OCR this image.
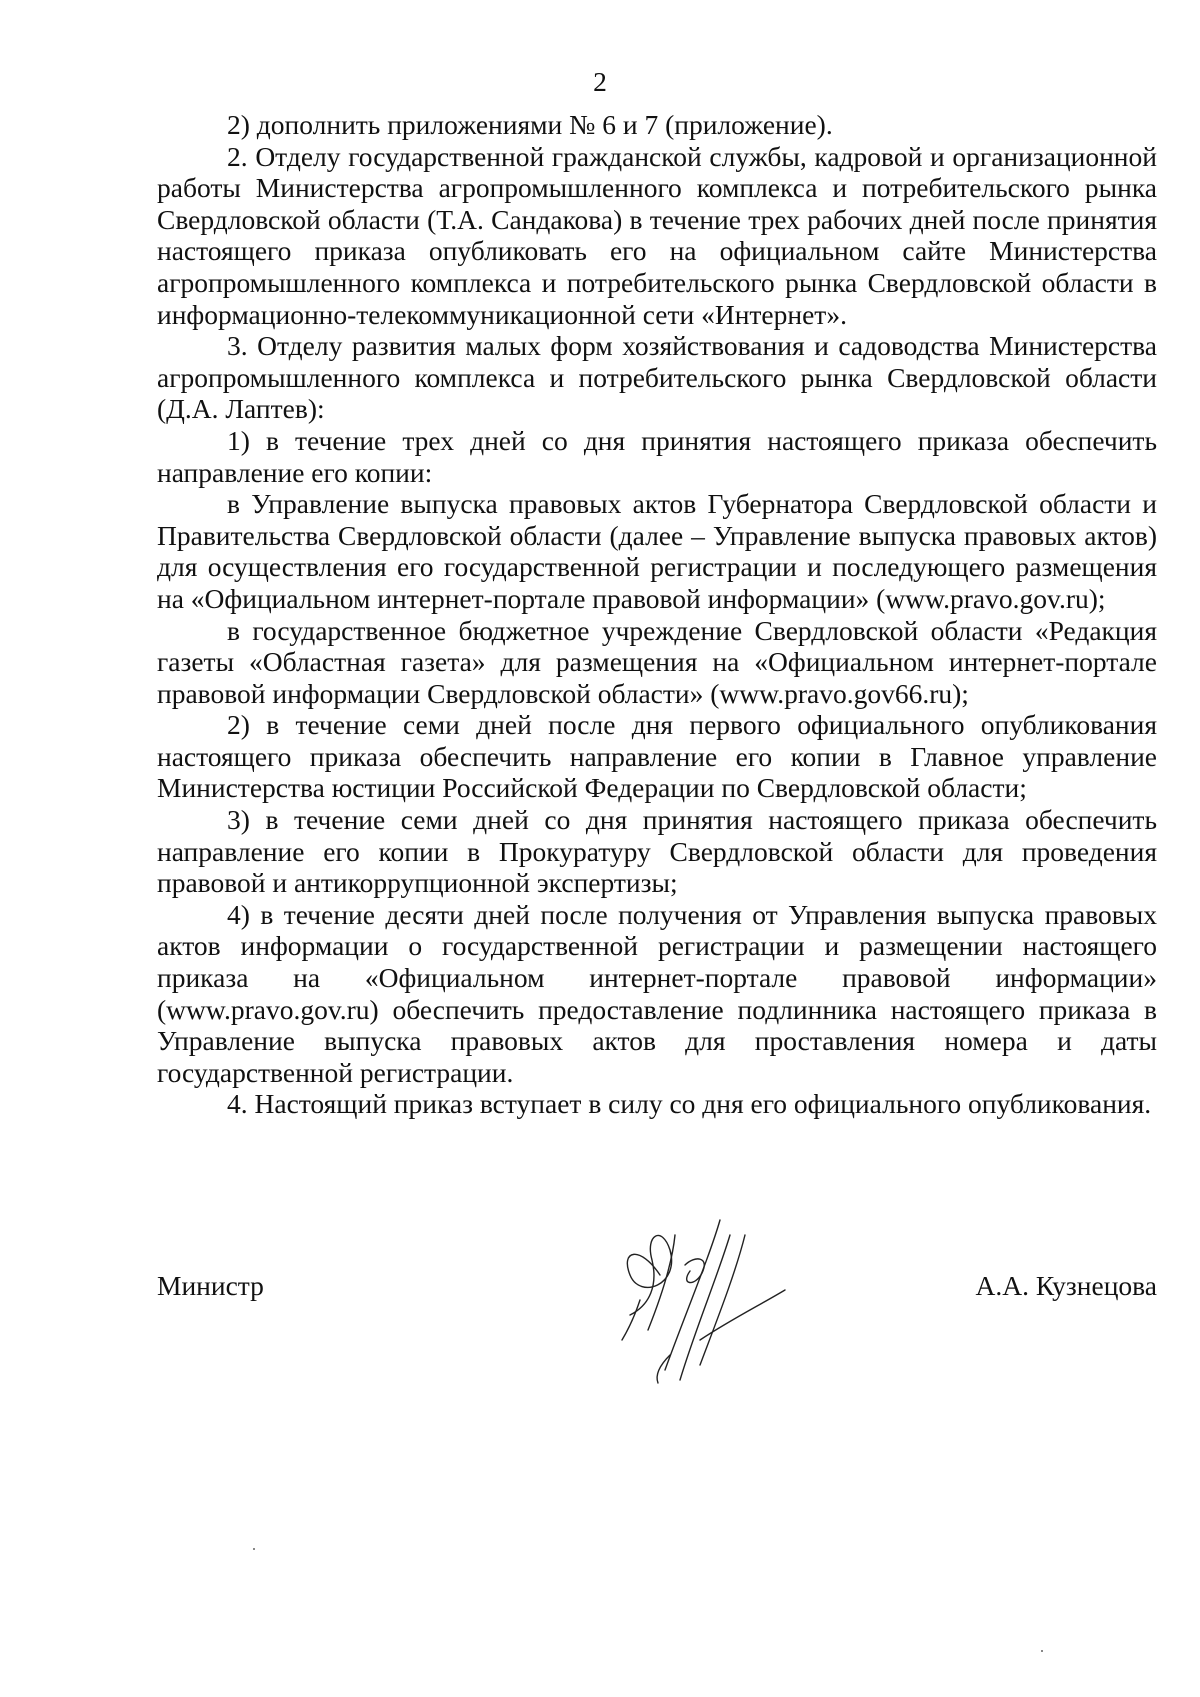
2

2) дополнить приложениями № 6 и 7 (приложение).

2. Отделу государственной гражданской службы, кадровой и организационной работы Министерства агропромышленного комплекса и потребительского рынка Свердловской области (Т.А. Сандакова) в течение трех рабочих дней после принятия настоящего приказа опубликовать его на официальном сайте Министерства агропромышленного комплекса и потребительского рынка Свердловской области в информационно-телекоммуникационной сети «Интернет».

3. Отделу развития малых форм хозяйствования и садоводства Министерства агропромышленного комплекса и потребительского рынка Свердловской области (Д.А. Лаптев):

1) в течение трех дней со дня принятия настоящего приказа обеспечить направление его копии:

в Управление выпуска правовых актов Губернатора Свердловской области и Правительства Свердловской области (далее – Управление выпуска правовых актов) для осуществления его государственной регистрации и последующего размещения на «Официальном интернет-портале правовой информации» (www.pravo.gov.ru);

в государственное бюджетное учреждение Свердловской области «Редакция газеты «Областная газета» для размещения на «Официальном интернет-портале правовой информации Свердловской области» (www.pravo.gov66.ru);

2) в течение семи дней после дня первого официального опубликования настоящего приказа обеспечить направление его копии в Главное управление Министерства юстиции Российской Федерации по Свердловской области;

3) в течение семи дней со дня принятия настоящего приказа обеспечить направление его копии в Прокуратуру Свердловской области для проведения правовой и антикоррупционной экспертизы;

4) в течение десяти дней после получения от Управления выпуска правовых актов информации о государственной регистрации и размещении настоящего приказа на «Официальном интернет-портале правовой информации» (www.pravo.gov.ru) обеспечить предоставление подлинника настоящего приказа в Управление выпуска правовых актов для проставления номера и даты государственной регистрации.

4. Настоящий приказ вступает в силу со дня его официального опубликования.

Министр	А.А. Кузнецова
